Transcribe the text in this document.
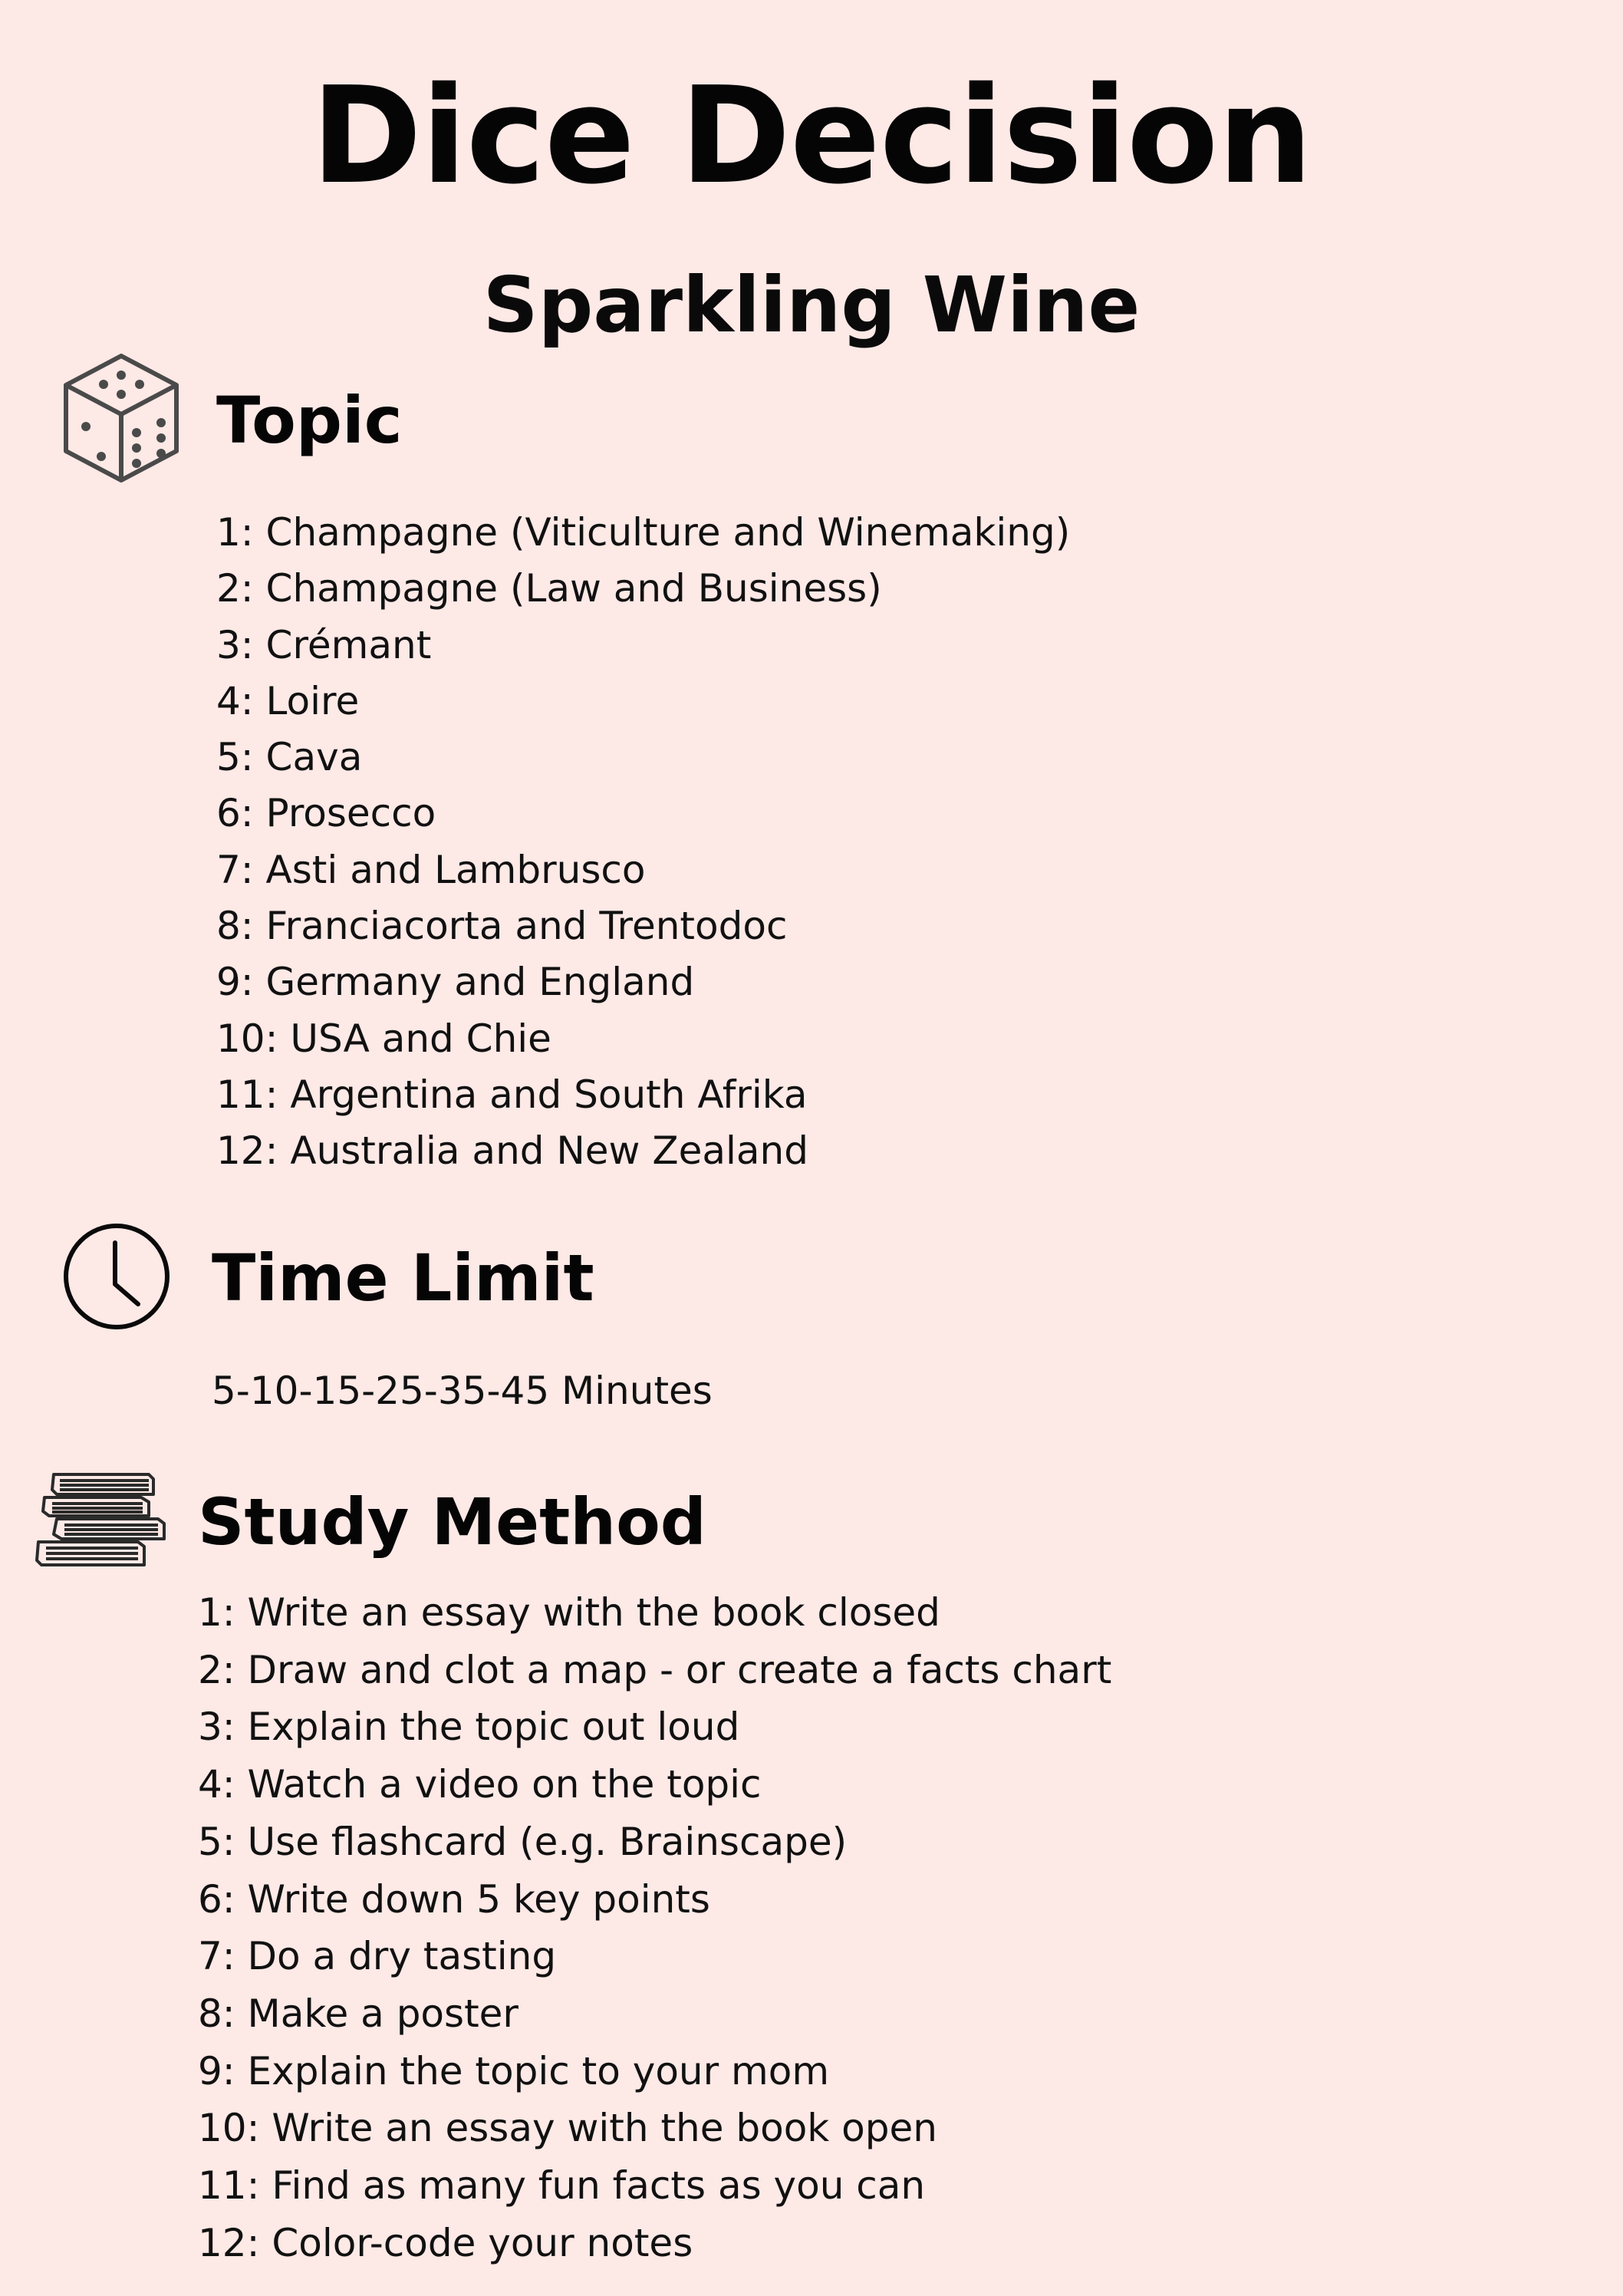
Dice Decision
Sparkling Wine
Topic
1: Champagne (Viticulture and Winemaking)
2: Champagne (Law and Business)
3: Crémant
4: Loire
5: Cava
6: Prosecco
7: Asti and Lambrusco
8: Franciacorta and Trentodoc
9: Germany and England
10: USA and Chie
11: Argentina and South Afrika
12: Australia and New Zealand
Time Limit

5-10-15-25-35-45 Minutes

Study Method
1: Write an essay with the book closed
2: Draw and clot a map - or create a facts chart
3: Explain the topic out loud
4: Watch a video on the topic
5: Use flashcard (e.g. Brainscape)
6: Write down 5 key points
7: Do a dry tasting
8: Make a poster
9: Explain the topic to your mom
10: Write an essay with the book open
11: Find as many fun facts as you can
12: Color-code your notes
